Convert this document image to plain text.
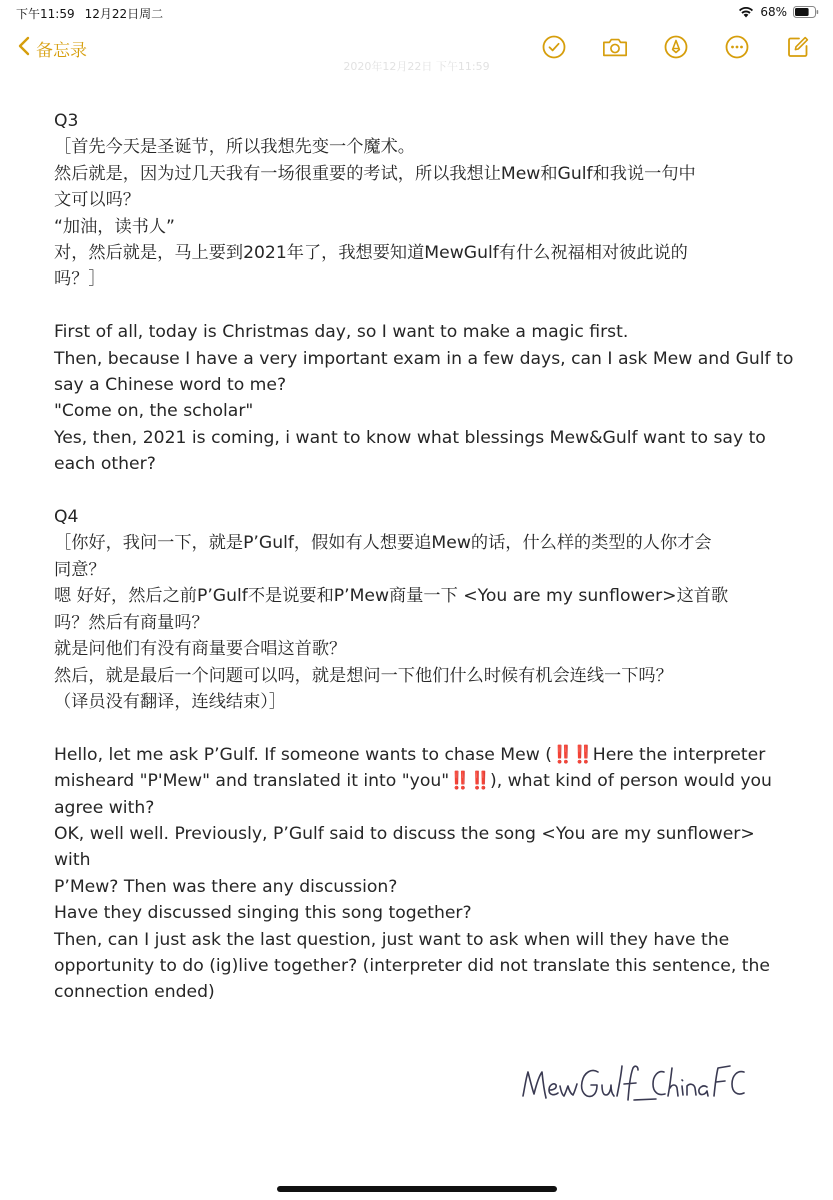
下午11:59 12月22日周二	68%
备忘录
2020年12月22日 下午11:59

Q3

［首先今天是圣诞节，所以我想先变一个魔术。

然后就是，因为过几天我有一场很重要的考试，所以我想让Mew和Gulf和我说一句中

文可以吗？

“加油，读书人”

对，然后就是，马上要到2021年了，我想要知道MewGulf有什么祝福相对彼此说的

吗？］

First of all, today is Christmas day, so I want to make a magic first.

Then, because I have a very important exam in a few days, can I ask Mew and Gulf to

say a Chinese word to me?

"Come on, the scholar"

Yes, then, 2021 is coming, i want to know what blessings Mew&Gulf want to say to

each other?

Q4

［你好，我问一下，就是P’Gulf，假如有人想要追Mew的话，什么样的类型的人你才会

同意？

嗯 好好，然后之前P’Gulf不是说要和P’Mew商量一下 <You are my sunflower>这首歌

吗？然后有商量吗？

就是问他们有没有商量要合唱这首歌？

然后，就是最后一个问题可以吗，就是想问一下他们什么时候有机会连线一下吗？

（译员没有翻译，连线结束）］

Hello, let me ask P’Gulf. If someone wants to chase Mew (‼️‼️Here the interpreter

misheard "P'Mew" and translated it into "you"‼️‼️), what kind of person would you

agree with?

OK, well well. Previously, P’Gulf said to discuss the song <You are my sunflower> with

P’Mew? Then was there any discussion?

Have they discussed singing this song together?

Then, can I just ask the last question, just want to ask when will they have the

opportunity to do (ig)live together? (interpreter did not translate this sentence, the

connection ended)
